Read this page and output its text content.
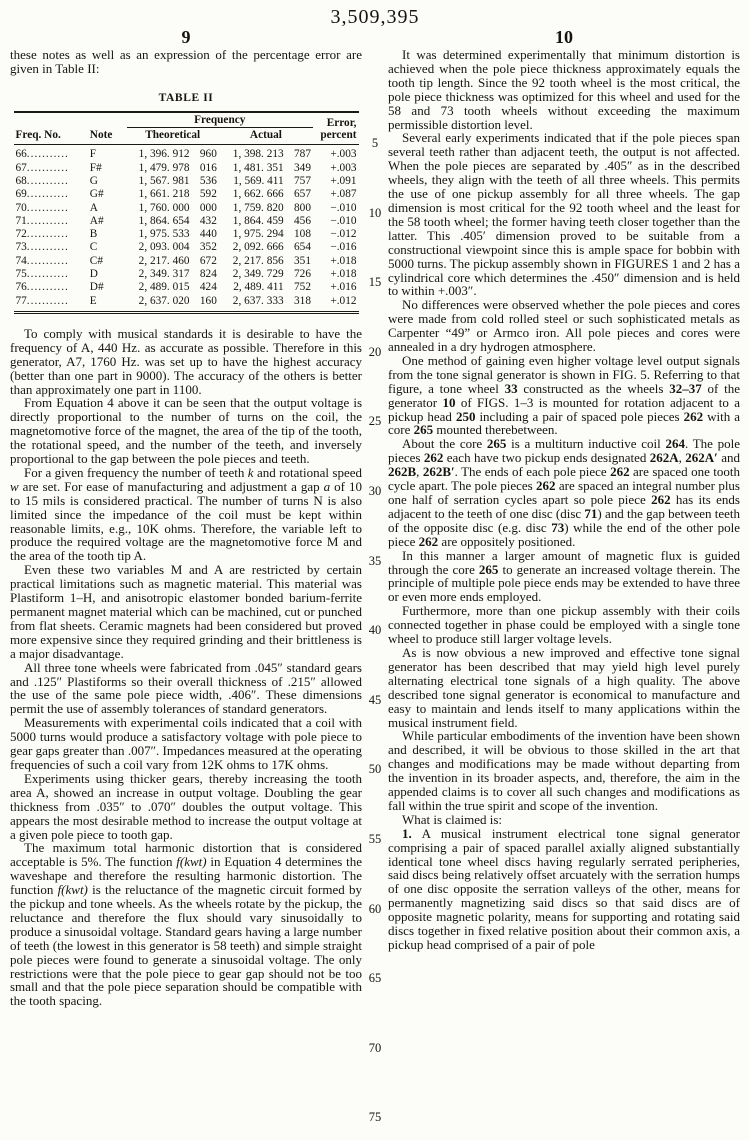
3,509,395
9	10
5
10
15
20
25
30
35
40
45
50
55
60
65
70
75

these notes as well as an expression of the percentage error are given in Table II:

TABLE II
		Frequency				Error,
percent

Freq. No.	Note	Theoretical		Actual		
66...........	F	1, 396. 912	960	1, 398. 213	787	+.003
67...........	F#	1, 479. 978	016	1, 481. 351	349	+.003
68...........	G	1, 567. 981	536	1, 569. 411	757	+.091
69...........	G#	1, 661. 218	592	1, 662. 666	657	+.087
70...........	A	1, 760. 000	000	1, 759. 820	800	−.010
71...........	A#	1, 864. 654	432	1, 864. 459	456	−.010
72...........	B	1, 975. 533	440	1, 975. 294	108	−.012
73...........	C	2, 093. 004	352	2, 092. 666	654	−.016
74...........	C#	2, 217. 460	672	2, 217. 856	351	+.018
75...........	D	2, 349. 317	824	2, 349. 729	726	+.018
76...........	D#	2, 489. 015	424	2, 489. 411	752	+.016
77...........	E	2, 637. 020	160	2, 637. 333	318	+.012

To comply with musical standards it is desirable to have the frequency of A, 440 Hz. as accurate as possible. Therefore in this generator, A7, 1760 Hz. was set up to have the highest accuracy (better than one part in 9000). The accuracy of the others is better than approximately one part in 1100.

From Equation 4 above it can be seen that the output voltage is directly proportional to the number of turns on the coil, the magnetomotive force of the magnet, the area of the tip of the tooth, the rotational speed, and the number of the teeth, and inversely proportional to the gap between the pole pieces and teeth.

For a given frequency the number of teeth k and rotational speed w are set. For ease of manufacturing and adjustment a gap a of 10 to 15 mils is considered practical. The number of turns N is also limited since the impedance of the coil must be kept within reasonable limits, e.g., 10K ohms. Therefore, the variable left to produce the required voltage are the magnetomotive force M and the area of the tooth tip A.

Even these two variables M and A are restricted by certain practical limitations such as magnetic material. This material was Plastiform 1–H, and anisotropic elastomer bonded barium-ferrite permanent magnet material which can be machined, cut or punched from flat sheets. Ceramic magnets had been considered but proved more expensive since they required grinding and their brittleness is a major disadvantage.

All three tone wheels were fabricated from .045″ standard gears and .125″ Plastiforms so their overall thickness of .215″ allowed the use of the same pole piece width, .406″. These dimensions permit the use of assembly tolerances of standard generators.

Measurements with experimental coils indicated that a coil with 5000 turns would produce a satisfactory voltage with pole piece to gear gaps greater than .007″. Impedances measured at the operating frequencies of such a coil vary from 12K ohms to 17K ohms.

Experiments using thicker gears, thereby increasing the tooth area A, showed an increase in output voltage. Doubling the gear thickness from .035″ to .070″ doubles the output voltage. This appears the most desirable method to increase the output voltage at a given pole piece to tooth gap.

The maximum total harmonic distortion that is considered acceptable is 5%. The function f(kwt) in Equation 4 determines the waveshape and therefore the resulting harmonic distortion. The function f(kwt) is the reluctance of the magnetic circuit formed by the pickup and tone wheels. As the wheels rotate by the pickup, the reluctance and therefore the flux should vary sinusoidally to produce a sinusoidal voltage. Standard gears having a large number of teeth (the lowest in this generator is 58 teeth) and simple straight pole pieces were found to generate a sinusoidal voltage. The only restrictions were that the pole piece to gear gap should not be too small and that the pole piece separation should be compatible with the tooth spacing.

It was determined experimentally that minimum distortion is achieved when the pole piece thickness approximately equals the tooth tip length. Since the 92 tooth wheel is the most critical, the pole piece thickness was optimized for this wheel and used for the 58 and 73 tooth wheels without exceeding the maximum permissible distortion level.

Several early experiments indicated that if the pole pieces span several teeth rather than adjacent teeth, the output is not affected. When the pole pieces are separated by .405″ as in the described wheels, they align with the teeth of all three wheels. This permits the use of one pickup assembly for all three wheels. The gap dimension is most critical for the 92 tooth wheel and the least for the 58 tooth wheel; the former having teeth closer together than the latter. This .405′ dimension proved to be suitable from a constructional viewpoint since this is ample space for bobbin with 5000 turns. The pickup assembly shown in FIGURES 1 and 2 has a cylindrical core which determines the .450″ dimension and is held to within +.003″.

No differences were observed whether the pole pieces and cores were made from cold rolled steel or such sophisticated metals as Carpenter “49” or Armco iron. All pole pieces and cores were annealed in a dry hydrogen atmosphere.

One method of gaining even higher voltage level output signals from the tone signal generator is shown in FIG. 5. Referring to that figure, a tone wheel 33 constructed as the wheels 32–37 of the generator 10 of FIGS. 1–3 is mounted for rotation adjacent to a pickup head 250 including a pair of spaced pole pieces 262 with a core 265 mounted therebetween.

About the core 265 is a multiturn inductive coil 264. The pole pieces 262 each have two pickup ends designated 262A, 262A′ and 262B, 262B′. The ends of each pole piece 262 are spaced one tooth cycle apart. The pole pieces 262 are spaced an integral number plus one half of serration cycles apart so pole piece 262 has its ends adjacent to the teeth of one disc (disc 71) and the gap between teeth of the opposite disc (e.g. disc 73) while the end of the other pole piece 262 are oppositely positioned.

In this manner a larger amount of magnetic flux is guided through the core 265 to generate an increased voltage therein. The principle of multiple pole piece ends may be extended to have three or even more ends employed.

Furthermore, more than one pickup assembly with their coils connected together in phase could be employed with a single tone wheel to produce still larger voltage levels.

As is now obvious a new improved and effective tone signal generator has been described that may yield high level purely alternating electrical tone signals of a high quality. The above described tone signal generator is economical to manufacture and easy to maintain and lends itself to many applications within the musical instrument field.

While particular embodiments of the invention have been shown and described, it will be obvious to those skilled in the art that changes and modifications may be made without departing from the invention in its broader aspects, and, therefore, the aim in the appended claims is to cover all such changes and modifications as fall within the true spirit and scope of the invention.

What is claimed is:

1. A musical instrument electrical tone signal generator comprising a pair of spaced parallel axially aligned substantially identical tone wheel discs having regularly serrated peripheries, said discs being relatively offset arcuately with the serration humps of one disc opposite the serration valleys of the other, means for permanently magnetizing said discs so that said discs are of opposite magnetic polarity, means for supporting and rotating said discs together in fixed relative position about their common axis, a pickup head comprised of a pair of pole
